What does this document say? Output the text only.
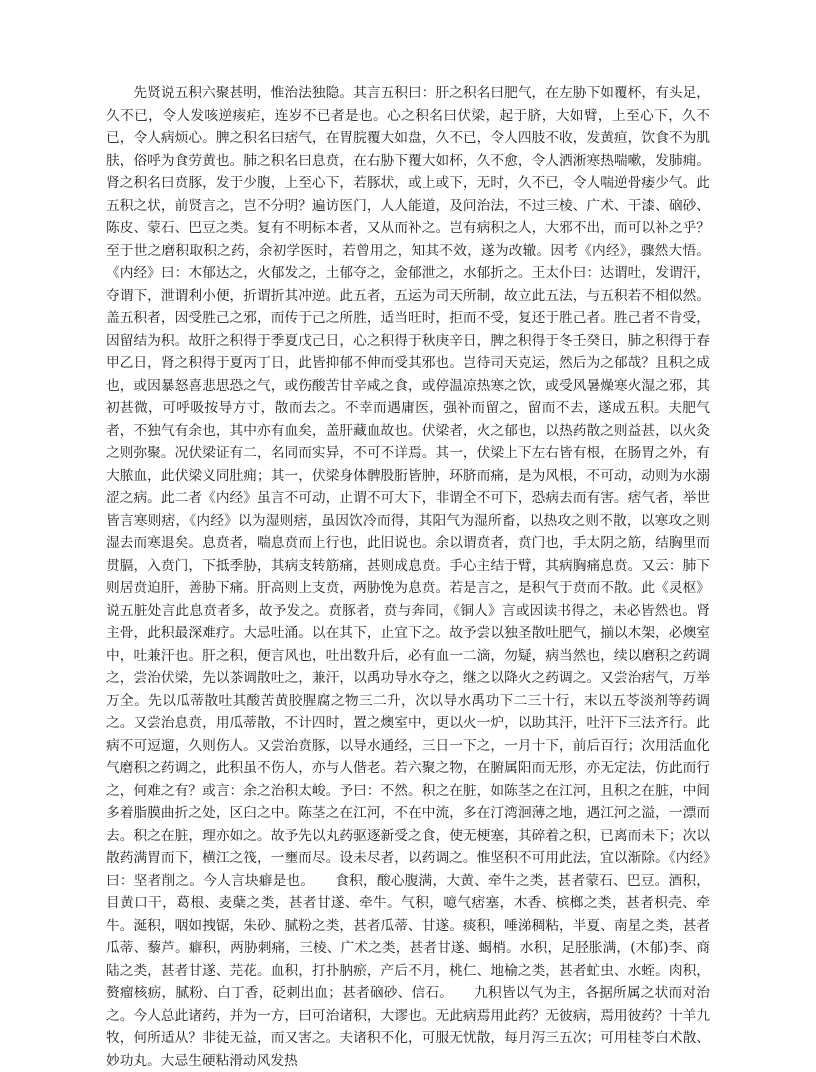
先贤说五积六聚甚明，惟治法独隐。其言五积曰：肝之积名曰肥气，在左胁下如覆杯，有头足，久不已，令人发咳逆痎疟，连岁不已者是也。心之积名曰伏梁，起于脐，大如臂，上至心下，久不已，令人病烦心。脾之积名曰痞气，在胃脘覆大如盘，久不已，令人四肢不收，发黄疸，饮食不为肌肤，俗呼为食劳黄也。肺之积名曰息贲，在右胁下覆大如杯，久不愈，令人洒淅寒热喘嗽，发肺痈。肾之积名曰贲豚，发于少腹，上至心下，若豚状，或上或下，无时，久不已，令人喘逆骨痿少气。此五积之状，前贤言之，岂不分明？遍访医门，人人能道，及问治法，不过三棱、广术、干漆、硇砂、陈皮、蒙石、巴豆之类。复有不明标本者，又从而补之。岂有病积之人，大邪不出，而可以补之乎？至于世之磨积取积之药，余初学医时，若曾用之，知其不效，遂为改辙。因考《内经》，骤然大悟。《内经》曰：木郁达之，火郁发之，土郁夺之，金郁泄之，水郁折之。王太仆曰：达谓吐，发谓汗，夺谓下，泄谓利小便，折谓折其冲逆。此五者，五运为司天所制，故立此五法，与五积若不相似然。盖五积者，因受胜己之邪，而传于己之所胜，适当旺时，拒而不受，复还于胜己者。胜己者不肯受，因留结为积。故肝之积得于季夏戊己日，心之积得于秋庚辛日，脾之积得于冬壬癸日，肺之积得于春甲乙日，肾之积得于夏丙丁日，此皆抑郁不伸而受其邪也。岂待司天克运，然后为之郁哉？且积之成也，或因暴怒喜悲思恐之气，或伤酸苦甘辛咸之食，或停温凉热寒之饮，或受风暑燥寒火湿之邪，其初甚微，可呼吸按导方寸，散而去之。不幸而遇庸医，强补而留之，留而不去，遂成五积。夫肥气者，不独气有余也，其中亦有血矣，盖肝藏血故也。伏梁者，火之郁也，以热药散之则益甚，以火灸之则弥聚。况伏梁证有二，名同而实异，不可不详焉。其一，伏梁上下左右皆有根，在肠胃之外，有大脓血，此伏梁义同肚痈；其一，伏梁身体髀股胻皆肿，环脐而痛，是为风根，不可动，动则为水溺涩之病。此二者《内经》虽言不可动，止谓不可大下，非谓全不可下，恐病去而有害。痞气者，举世皆言寒则痞，《内经》以为湿则痞，虽因饮冷而得，其阳气为湿所畜，以热攻之则不散，以寒攻之则湿去而寒退矣。息贲者，喘息贲而上行也，此旧说也。余以谓贲者，贲门也，手太阴之筋，结胸里而贯膈，入贲门，下抵季胁，其病支转筋痛，甚则成息贲。手心主结于臂，其病胸痛息贲。又云：肺下则居贲迫肝，善胁下痛。肝高则上支贲，两胁悗为息贲。若是言之，是积气于贲而不散。此《灵枢》说五脏处言此息贲者多，故予发之。贲豚者，贲与奔同，《铜人》言或因读书得之，未必皆然也。肾主骨，此积最深难疗。大忌吐涌。以在其下，止宜下之。故予尝以独圣散吐肥气，揃以木架，必燠室中，吐兼汗也。肝之积，便言风也，吐出数升后，必有血一二滴，勿疑，病当然也，续以磨积之药调之，尝治伏梁，先以茶调散吐之，兼汗，以禹功导水夺之，继之以降火之药调之。又尝治痞气，万举万全。先以瓜蒂散吐其酸苦黄胶腥腐之物三二升，次以导水禹功下二三十行，末以五苓淡剂等药调之。又尝治息贲，用瓜蒂散，不计四时，置之燠室中，更以火一炉，以助其汗，吐汗下三法齐行。此病不可逗遛，久则伤人。又尝治贲豚，以导水通经，三日一下之，一月十下，前后百行；次用活血化气磨积之药调之，此积虽不伤人，亦与人偕老。若六聚之物，在腑属阳而无形，亦无定法，仿此而行之，何难之有？或言：余之治积太峻。予曰：不然。积之在脏，如陈茎之在江河，且积之在脏，中间多着脂膜曲折之处，区臼之中。陈茎之在江河，不在中流，多在汀湾洄薄之地，遇江河之溢，一漂而去。积之在脏，理亦如之。故予先以丸药驱逐新受之食，使无梗塞，其碎着之积，已离而未下；次以散药满胃而下，横江之筏，一壅而尽。设未尽者，以药调之。惟坚积不可用此法，宜以渐除。《内经》曰：坚者削之。今人言块癖是也。　　食积，酸心腹满，大黄、牵牛之类，甚者蒙石、巴豆。酒积，目黄口干，葛根、麦蘖之类，甚者甘遂、牵牛。气积，噫气痞塞，木香、槟榔之类，甚者枳壳、牵牛。涎积，咽如拽锯，朱砂、腻粉之类，甚者瓜蒂、甘遂。痰积，唾涕稠粘，半夏、南星之类，甚者瓜蒂、藜芦。癖积，两胁刺痛，三棱、广术之类，甚者甘遂、蝎梢。水积，足胫胀满，(木郁)李、商陆之类，甚者甘遂、芫花。血积，打扑肭瘀，产后不月，桃仁、地榆之类，甚者虻虫、水蛭。肉积，赘瘤核疬，腻粉、白丁香，砭刺出血；甚者硇砂、信石。　　九积皆以气为主，各据所属之状而对治之。今人总此诸药，并为一方，曰可治诸积，大谬也。无此病焉用此药？无彼病，焉用彼药？十羊九牧，何所适从？非徒无益，而又害之。夫诸积不化，可服无忧散，每月泻三五次；可用桂苓白术散、妙功丸。大忌生硬粘滑动风发热
